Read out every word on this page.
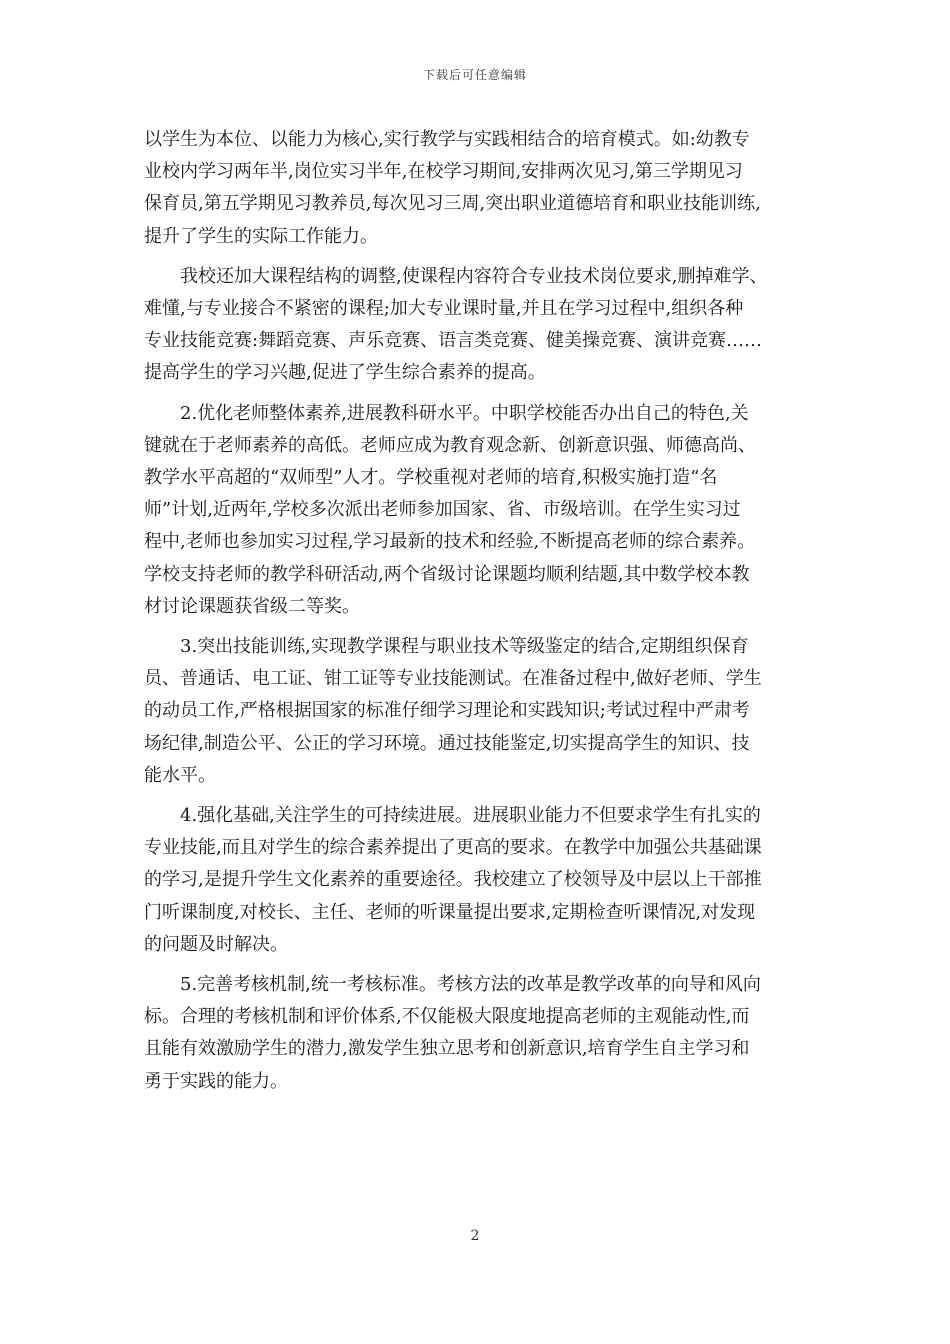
下载后可任意编辑

以学生为本位、以能力为核心,实行教学与实践相结合的培育模式。如:幼教专
业校内学习两年半,岗位实习半年,在校学习期间,安排两次见习,第三学期见习
保育员,第五学期见习教养员,每次见习三周,突出职业道德培育和职业技能训练,
提升了学生的实际工作能力。

我校还加大课程结构的调整,使课程内容符合专业技术岗位要求,删掉难学、
难懂,与专业接合不紧密的课程;加大专业课时量,并且在学习过程中,组织各种
专业技能竞赛:舞蹈竞赛、声乐竞赛、语言类竞赛、健美操竞赛、演讲竞赛……
提高学生的学习兴趣,促进了学生综合素养的提高。

2.优化老师整体素养,进展教科研水平。中职学校能否办出自己的特色,关
键就在于老师素养的高低。老师应成为教育观念新、创新意识强、师德高尚、
教学水平高超的“双师型”人才。学校重视对老师的培育,积极实施打造“名
师”计划,近两年,学校多次派出老师参加国家、省、市级培训。在学生实习过
程中,老师也参加实习过程,学习最新的技术和经验,不断提高老师的综合素养。
学校支持老师的教学科研活动,两个省级讨论课题均顺利结题,其中数学校本教
材讨论课题获省级二等奖。

3.突出技能训练,实现教学课程与职业技术等级鉴定的结合,定期组织保育
员、普通话、电工证、钳工证等专业技能测试。在准备过程中,做好老师、学生
的动员工作,严格根据国家的标准仔细学习理论和实践知识;考试过程中严肃考
场纪律,制造公平、公正的学习环境。通过技能鉴定,切实提高学生的知识、技
能水平。

4.强化基础,关注学生的可持续进展。进展职业能力不但要求学生有扎实的
专业技能,而且对学生的综合素养提出了更高的要求。在教学中加强公共基础课
的学习,是提升学生文化素养的重要途径。我校建立了校领导及中层以上干部推
门听课制度,对校长、主任、老师的听课量提出要求,定期检查听课情况,对发现
的问题及时解决。

5.完善考核机制,统一考核标准。考核方法的改革是教学改革的向导和风向
标。合理的考核机制和评价体系,不仅能极大限度地提高老师的主观能动性,而
且能有效激励学生的潜力,激发学生独立思考和创新意识,培育学生自主学习和
勇于实践的能力。

2
